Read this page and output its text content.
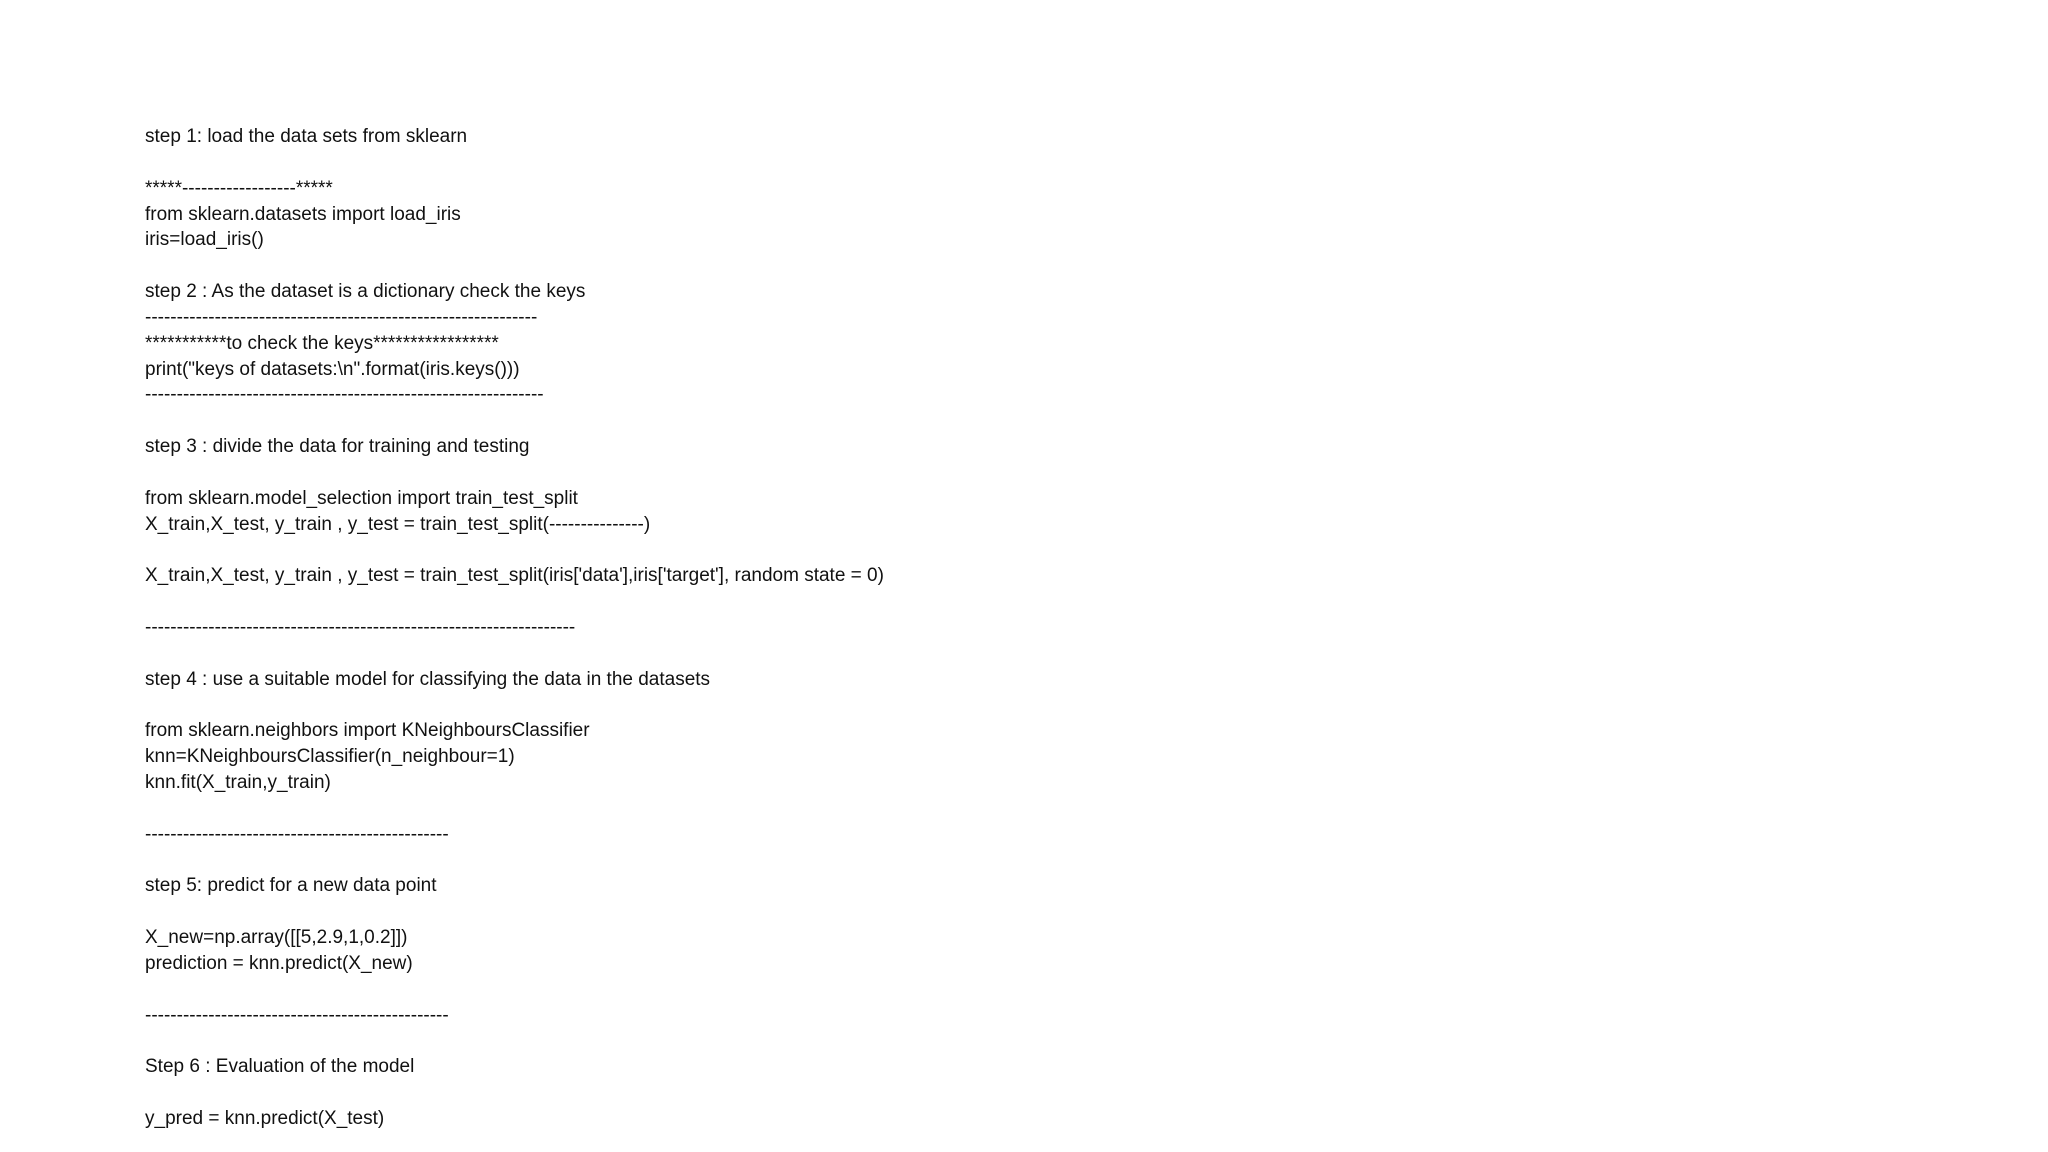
step 1: load the data sets from sklearn
*****------------------*****
from sklearn.datasets import load_iris
iris=load_iris()
step 2 : As the dataset is a dictionary check the keys
--------------------------------------------------------------
***********to check the keys*****************
print("keys of datasets:\n".format(iris.keys()))
---------------------------------------------------------------
step 3 : divide the data for training and testing
from sklearn.model_selection import train_test_split
X_train,X_test, y_train , y_test = train_test_split(---------------)
X_train,X_test, y_train , y_test = train_test_split(iris['data'],iris['target'], random state = 0)
--------------------------------------------------------------------
step 4 : use a suitable model for classifying the data in the datasets
from sklearn.neighbors import KNeighboursClassifier
knn=KNeighboursClassifier(n_neighbour=1)
knn.fit(X_train,y_train)
------------------------------------------------
step 5: predict for a new data point
X_new=np.array([[5,2.9,1,0.2]])
prediction = knn.predict(X_new)
------------------------------------------------
Step 6 : Evaluation of the model
y_pred = knn.predict(X_test)
